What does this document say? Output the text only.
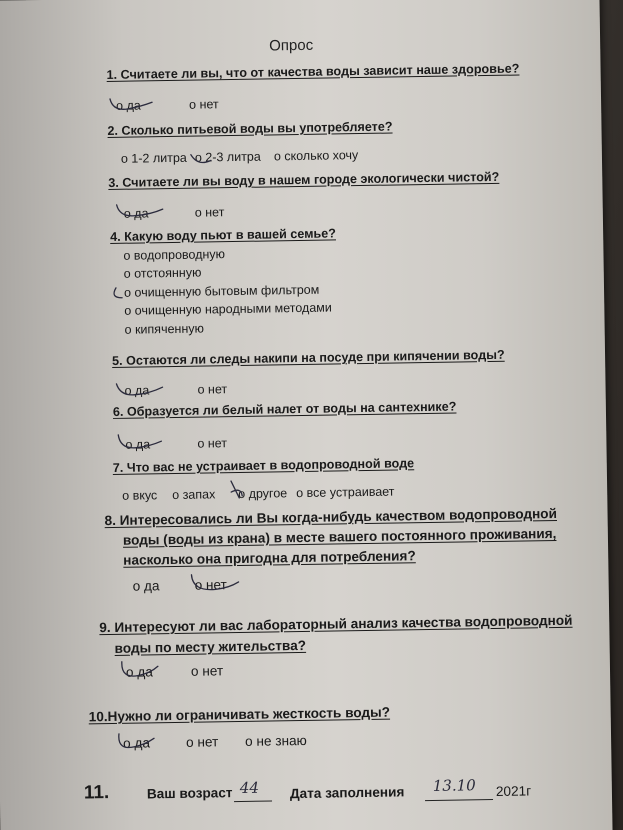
Опрос
1. Считаете ли вы, что от качества воды зависит наше здоровье?
о да	о нет
2. Сколько питьевой воды вы употребляете?
о 1-2 литра о 2-3 литра о сколько хочу
3. Считаете ли вы воду в нашем городе экологически чистой?
о да	о нет
4. Какую воду пьют в вашей семье?
о водопроводную
о отстоянную
о очищенную бытовым фильтром
о очищенную народными методами
о кипяченную
5. Остаются ли следы накипи на посуде при кипячении воды?
о да	о нет
6. Образуется ли белый налет от воды на сантехнике?
о да	о нет
7. Что вас не устраивает в водопроводной воде
о вкус о запах о другое о все устраивает
8. Интересовались ли Вы когда-нибудь качеством водопроводной
воды (воды из крана) в месте вашего постоянного проживания,
насколько она пригодна для потребления?
о да	о нет
9. Интересуют ли вас лабораторный анализ качества водопроводной
воды по месту жительства?
о да	о нет
10.Нужно ли ограничивать жесткость воды?
о да	о нет о не знаю
11.	Ваш возраст 44 Дата заполнения 13.10 2021г
